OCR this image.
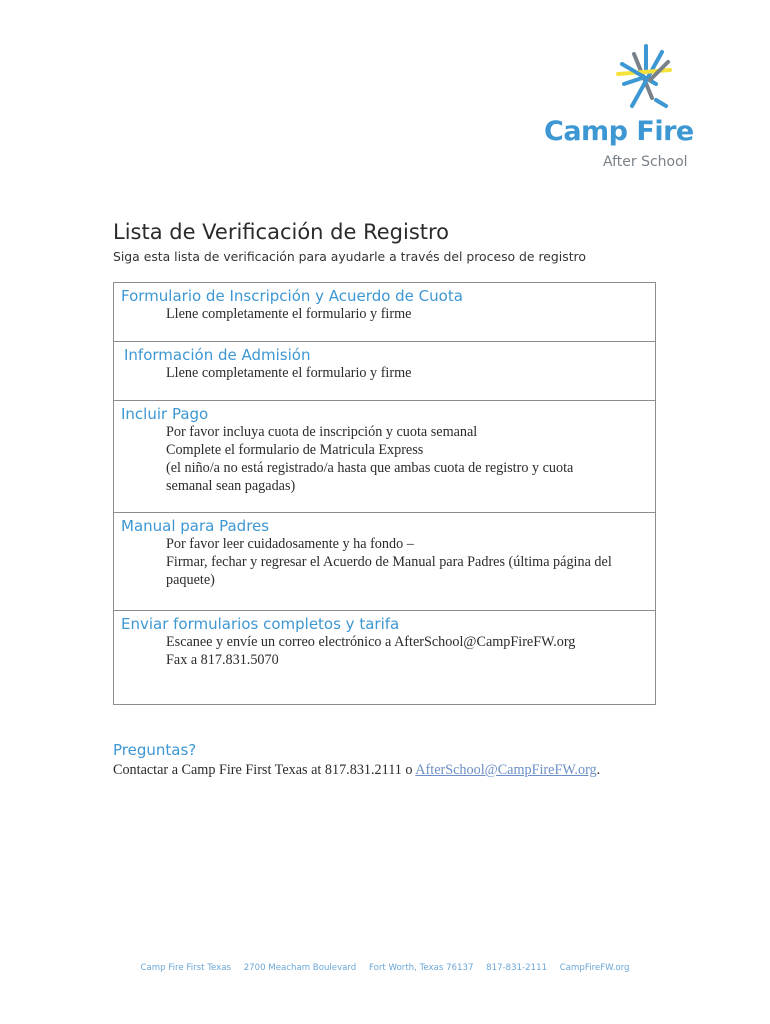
Camp Fire
After School
Lista de Verificación de Registro
Siga esta lista de verificación para ayudarle a través del proceso de registro
Formulario de Inscripción y Acuerdo de Cuota
Llene completamente el formulario y firme
Información de Admisión
Llene completamente el formulario y firme
Incluir Pago
Por favor incluya cuota de inscripción y cuota semanal
Complete el formulario de Matricula Express
(el niño/a no está registrado/a hasta que ambas cuota de registro y cuota
semanal sean pagadas)
Manual para Padres
Por favor leer cuidadosamente y ha fondo –
Firmar, fechar y regresar el Acuerdo de Manual para Padres (última página del
paquete)
Enviar formularios completos y tarifa
Escanee y envíe un correo electrónico a AfterSchool@CampFireFW.org
Fax a 817.831.5070
Preguntas?
Contactar a Camp Fire First Texas at 817.831.2111 o AfterSchool@CampFireFW.org.
Camp Fire First Texas 2700 Meacham Boulevard Fort Worth, Texas 76137 817-831-2111 CampFireFW.org
